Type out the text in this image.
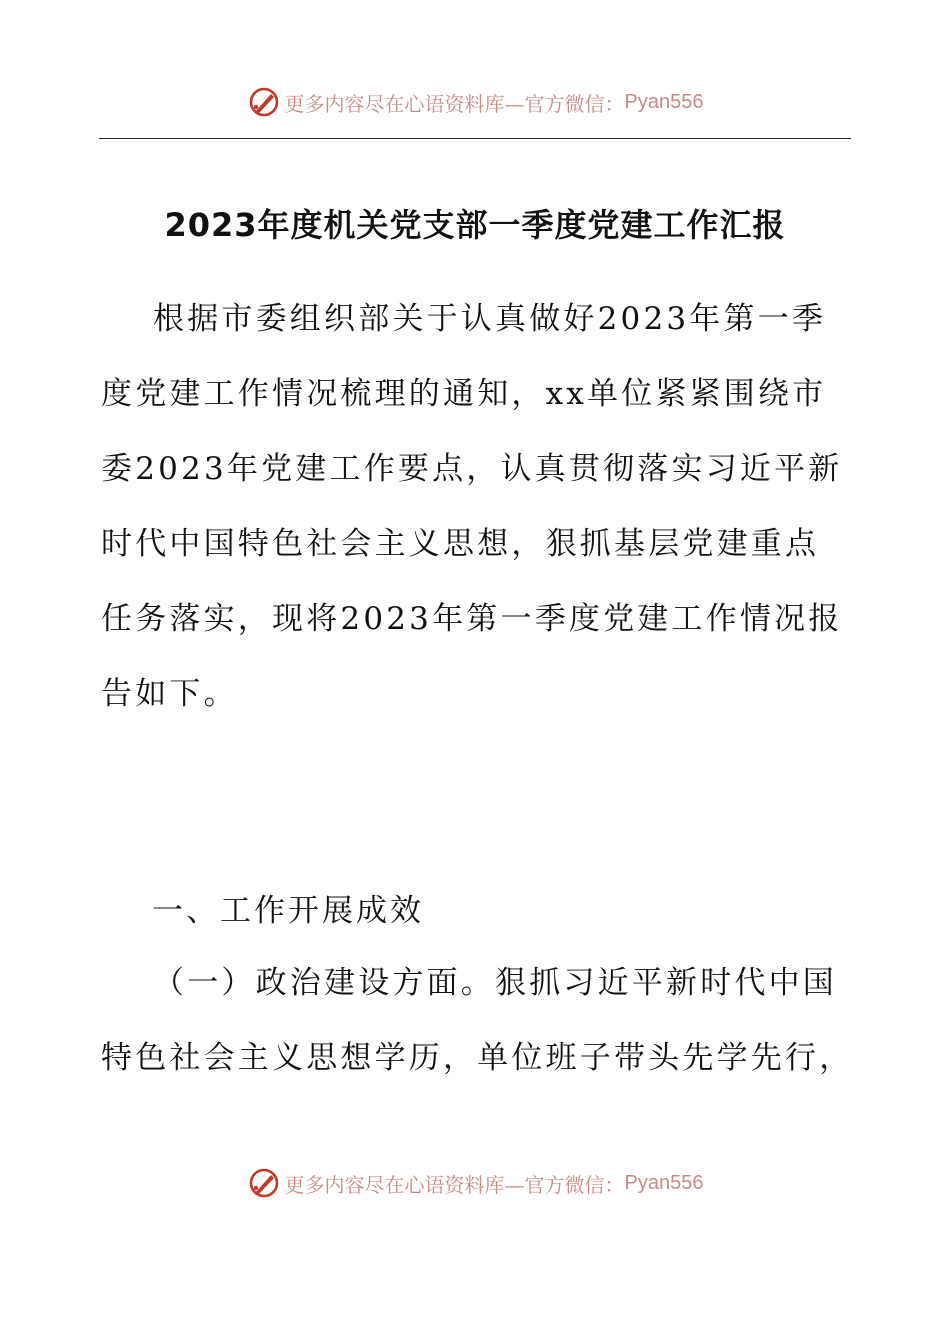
更多内容尽在心语资料库—官方微信： Pyan556
2023年度机关党支部一季度党建工作汇报
根据市委组织部关于认真做好2023年第一季
度党建工作情况梳理的通知，xx单位紧紧围绕市
委2023年党建工作要点，认真贯彻落实习近平新
时代中国特色社会主义思想，狠抓基层党建重点
任务落实，现将2023年第一季度党建工作情况报
告如下。
一、工作开展成效
（一）政治建设方面。狠抓习近平新时代中国
特色社会主义思想学历，单位班子带头先学先行，
更多内容尽在心语资料库—官方微信： Pyan556
